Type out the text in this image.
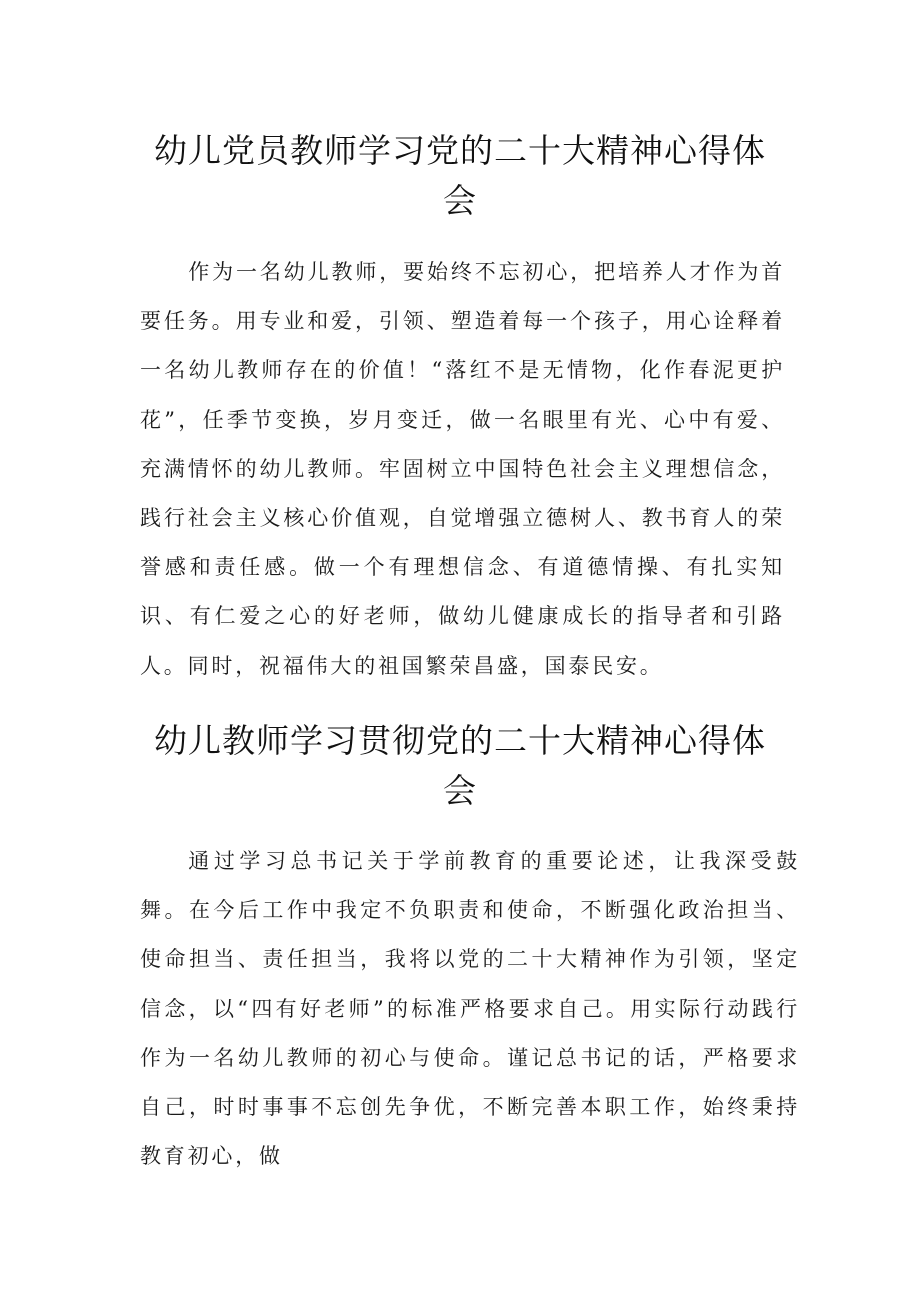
幼儿党员教师学习党的二十大精神心得体会

作为一名幼儿教师，要始终不忘初心，把培养人才作为首要任务。用专业和爱，引领、塑造着每一个孩子，用心诠释着一名幼儿教师存在的价值！“落红不是无情物，化作春泥更护花”，任季节变换，岁月变迁，做一名眼里有光、心中有爱、充满情怀的幼儿教师。牢固树立中国特色社会主义理想信念，践行社会主义核心价值观，自觉增强立德树人、教书育人的荣誉感和责任感。做一个有理想信念、有道德情操、有扎实知识、有仁爱之心的好老师，做幼儿健康成长的指导者和引路人。同时，祝福伟大的祖国繁荣昌盛，国泰民安。

幼儿教师学习贯彻党的二十大精神心得体会

通过学习总书记关于学前教育的重要论述，让我深受鼓舞。在今后工作中我定不负职责和使命，不断强化政治担当、使命担当、责任担当，我将以党的二十大精神作为引领，坚定信念，以“四有好老师”的标准严格要求自己。用实际行动践行作为一名幼儿教师的初心与使命。谨记总书记的话，严格要求自己，时时事事不忘创先争优，不断完善本职工作，始终秉持教育初心，做
